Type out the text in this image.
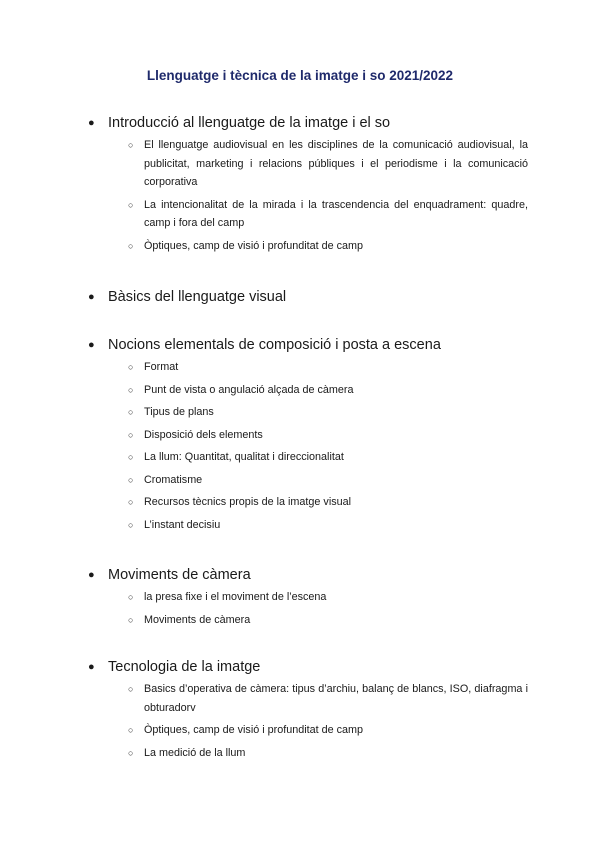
Llenguatge i tècnica de la imatge i so 2021/2022
● Introducció al llenguatge de la imatge i el so
○ El llenguatge audiovisual en les disciplines de la comunicació audiovisual, la publicitat, marketing i relacions públiques i el periodisme i la comunicació corporativa
○ La intencionalitat de la mirada i la trascendencia del enquadrament: quadre, camp i fora del camp
○ Òptiques, camp de visió i profunditat de camp
● Bàsics del llenguatge visual
● Nocions elementals de composició i posta a escena
○ Format
○ Punt de vista o angulació alçada de càmera
○ Tipus de plans
○ Disposició dels elements
○ La llum: Quantitat, qualitat i direccionalitat
○ Cromatisme
○ Recursos tècnics propis de la imatge visual
○ L’instant decisiu
● Moviments de càmera
○ la presa fixe i el moviment de l’escena
○ Moviments de càmera
● Tecnologia de la imatge
○ Basics d’operativa de càmera: tipus d’archiu, balanç de blancs, ISO, diafragma i obturadorv
○ Òptiques, camp de visió i profunditat de camp
○ La medició de la llum
